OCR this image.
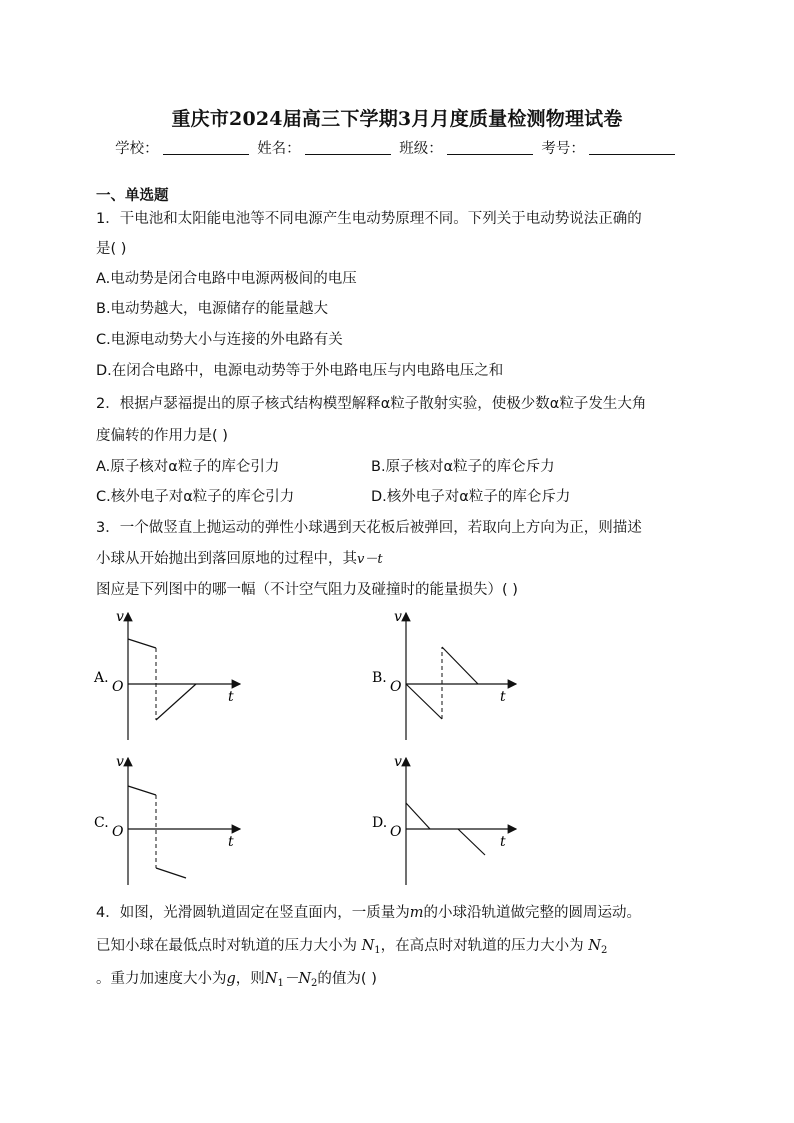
重庆市2024届高三下学期3月月度质量检测物理试卷
学校：	姓名：	班级：	考号：
一、单选题
1．干电池和太阳能电池等不同电源产生电动势原理不同。下列关于电动势说法正确的
是( )
A.电动势是闭合电路中电源两极间的电压
B.电动势越大，电源储存的能量越大
C.电源电动势大小与连接的外电路有关
D.在闭合电路中，电源电动势等于外电路电压与内电路电压之和
2．根据卢瑟福提出的原子核式结构模型解释α粒子散射实验，使极少数α粒子发生大角
度偏转的作用力是( )
A.原子核对α粒子的库仑引力	B.原子核对α粒子的库仑斥力
C.核外电子对α粒子的库仑引力	D.核外电子对α粒子的库仑斥力
3．一个做竖直上抛运动的弹性小球遇到天花板后被弹回，若取向上方向为正，则描述
小球从开始抛出到落回原地的过程中，其v－t
图应是下列图中的哪一幅（不计空气阻力及碰撞时的能量损失）( )
v
t
O
A.
v
t
O
B.
v
t
O
C.
v
t
O
D.
4．如图，光滑圆轨道固定在竖直面内，一质量为m的小球沿轨道做完整的圆周运动。
已知小球在最低点时对轨道的压力大小为 $N_1$，在高点时对轨道的压力大小为 $N_2$
。重力加速度大小为g，则$N_1-N_2$的值为( )
